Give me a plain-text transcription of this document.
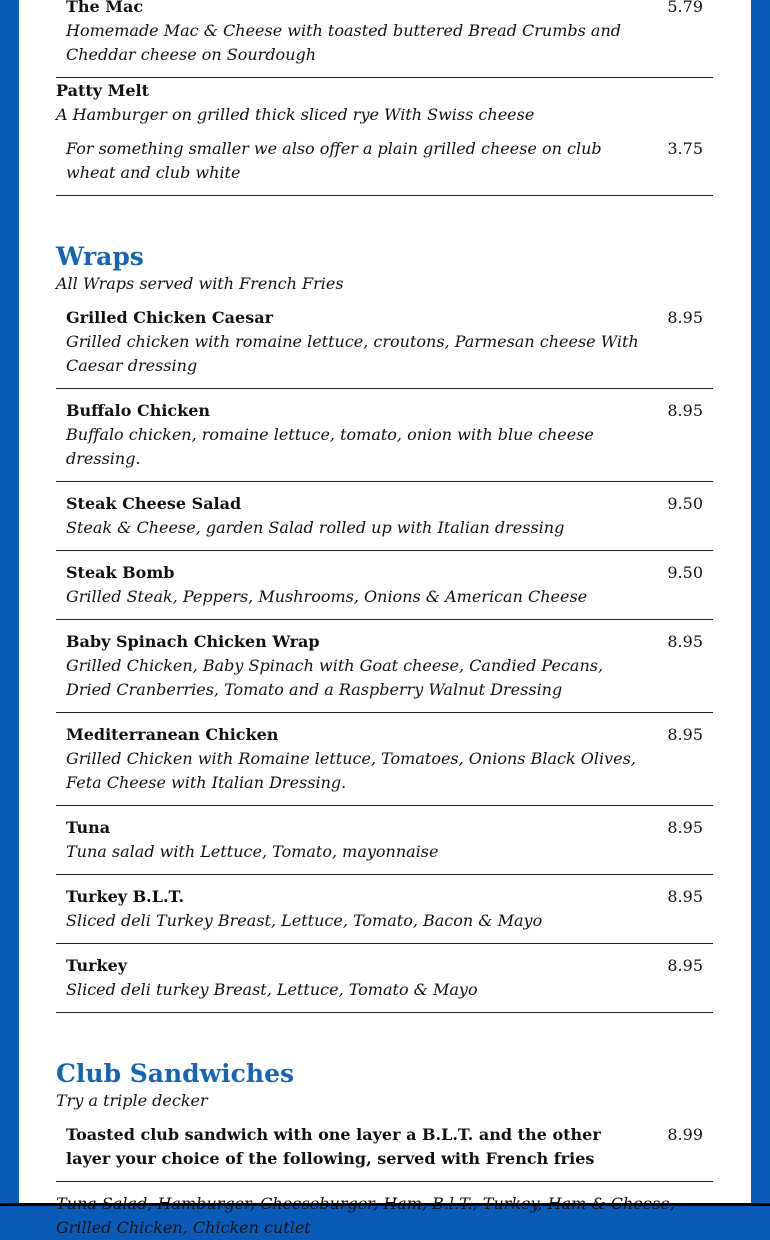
5.79
The Mac
Homemade Mac & Cheese with toasted buttered Bread Crumbs and Cheddar cheese on Sourdough
Patty Melt
A Hamburger on grilled thick sliced rye With Swiss cheese
3.75
For something smaller we also offer a plain grilled cheese on club wheat and club white
Wraps
All Wraps served with French Fries
8.95
Grilled Chicken Caesar
Grilled chicken with romaine lettuce, croutons, Parmesan cheese With Caesar dressing
8.95
Buffalo Chicken
Buffalo chicken, romaine lettuce, tomato, onion with blue cheese dressing.
9.50
Steak Cheese Salad
Steak & Cheese, garden Salad rolled up with Italian dressing
9.50
Steak Bomb
Grilled Steak, Peppers, Mushrooms, Onions & American Cheese
8.95
Baby Spinach Chicken Wrap
Grilled Chicken, Baby Spinach with Goat cheese, Candied Pecans, Dried Cranberries, Tomato and a Raspberry Walnut Dressing
8.95
Mediterranean Chicken
Grilled Chicken with Romaine lettuce, Tomatoes, Onions Black Olives, Feta Cheese with Italian Dressing.
8.95
Tuna
Tuna salad with Lettuce, Tomato, mayonnaise
8.95
Turkey B.L.T.
Sliced deli Turkey Breast, Lettuce, Tomato, Bacon & Mayo
8.95
Turkey
Sliced deli turkey Breast, Lettuce, Tomato & Mayo
Club Sandwiches
Try a triple decker
8.99
Toasted club sandwich with one layer a B.L.T. and the other layer your choice of the following, served with French fries
Grilled Chicken, Chicken cutlet
